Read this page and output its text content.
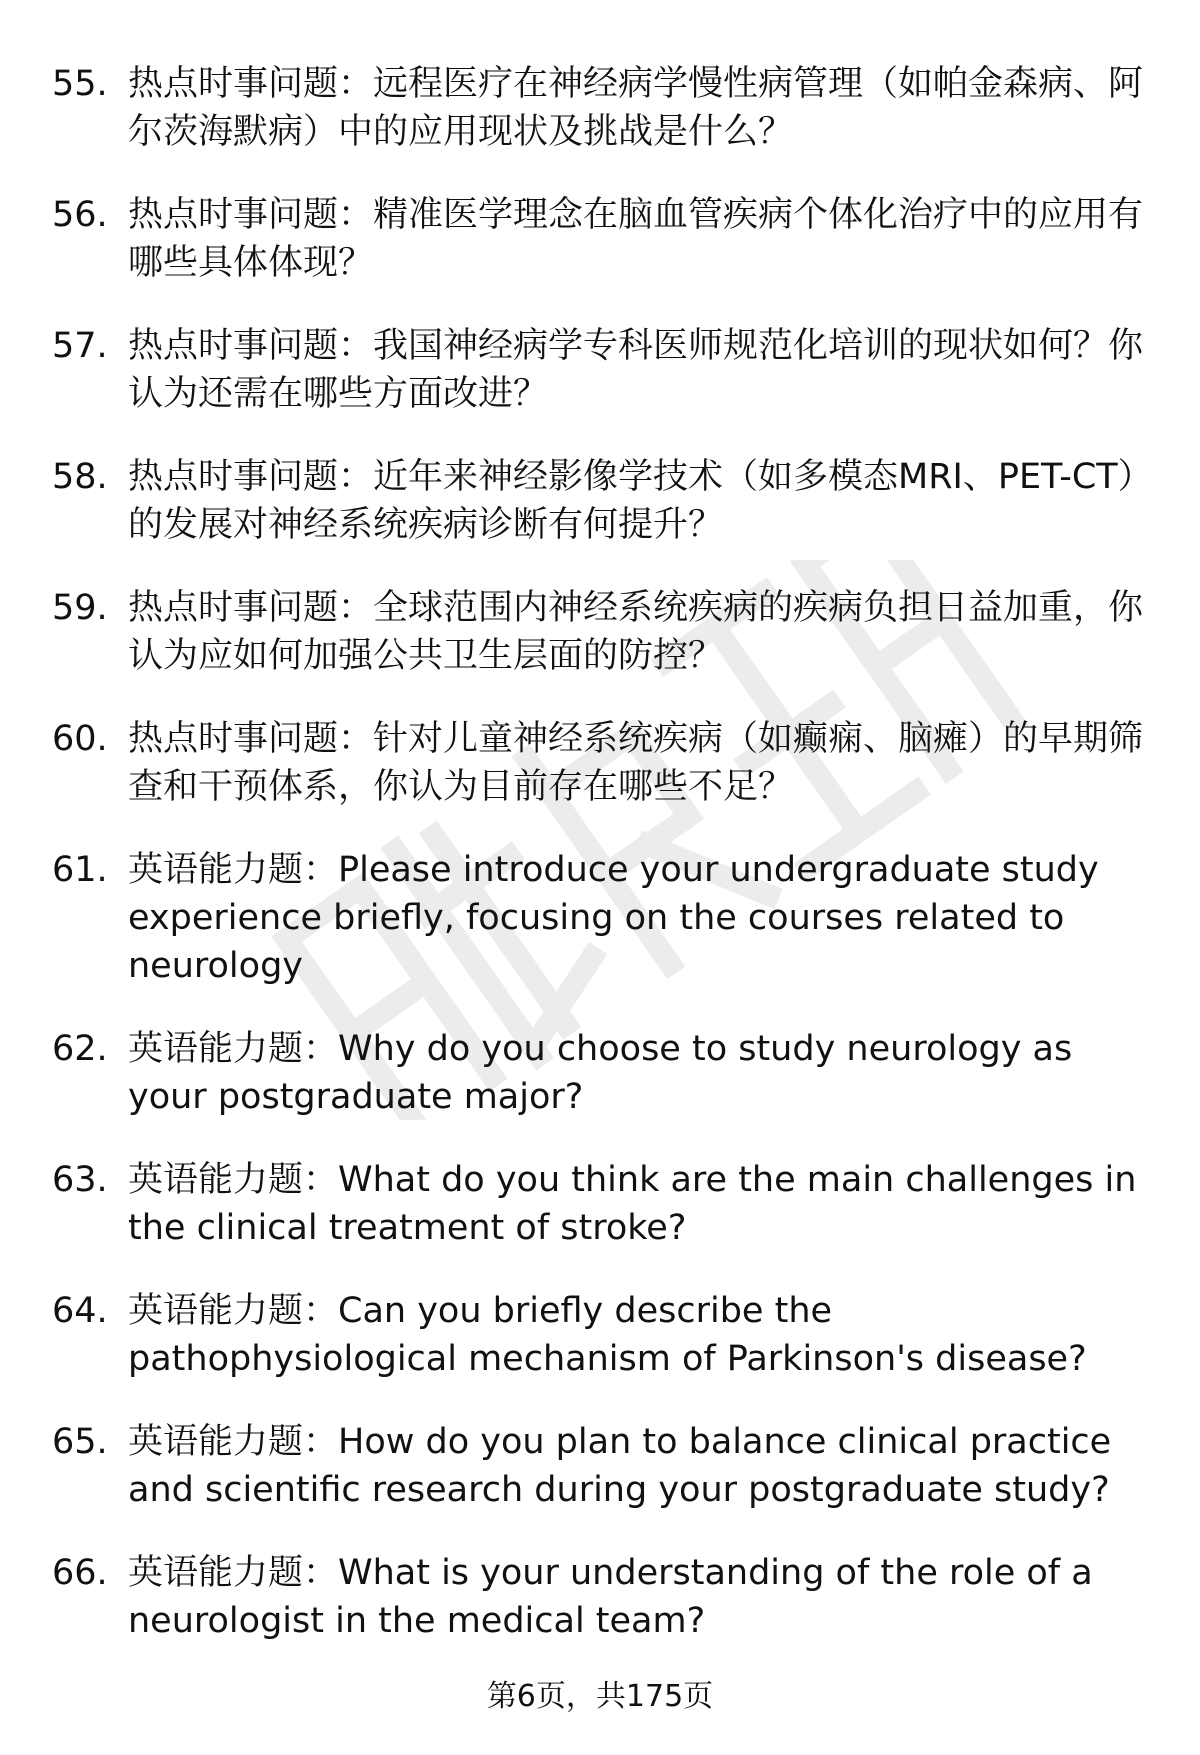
55. 热点时事问题：远程医疗在神经病学慢性病管理（如帕金森病、阿尔茨海默病）中的应用现状及挑战是什么？
56. 热点时事问题：精准医学理念在脑血管疾病个体化治疗中的应用有哪些具体体现？
57. 热点时事问题：我国神经病学专科医师规范化培训的现状如何？你认为还需在哪些方面改进？
58. 热点时事问题：近年来神经影像学技术（如多模态MRI、PET-CT）的发展对神经系统疾病诊断有何提升？
59. 热点时事问题：全球范围内神经系统疾病的疾病负担日益加重，你认为应如何加强公共卫生层面的防控？
60. 热点时事问题：针对儿童神经系统疾病（如癫痫、脑瘫）的早期筛查和干预体系，你认为目前存在哪些不足？
61. 英语能力题：Please introduce your undergraduate study experience briefly, focusing on the courses related to neurology
62. 英语能力题：Why do you choose to study neurology as your postgraduate major?
63. 英语能力题：What do you think are the main challenges in the clinical treatment of stroke?
64. 英语能力题：Can you briefly describe the pathophysiological mechanism of Parkinson's disease?
65. 英语能力题：How do you plan to balance clinical practice and scientific research during your postgraduate study?
66. 英语能力题：What is your understanding of the role of a neurologist in the medical team?
第6页，共175页
